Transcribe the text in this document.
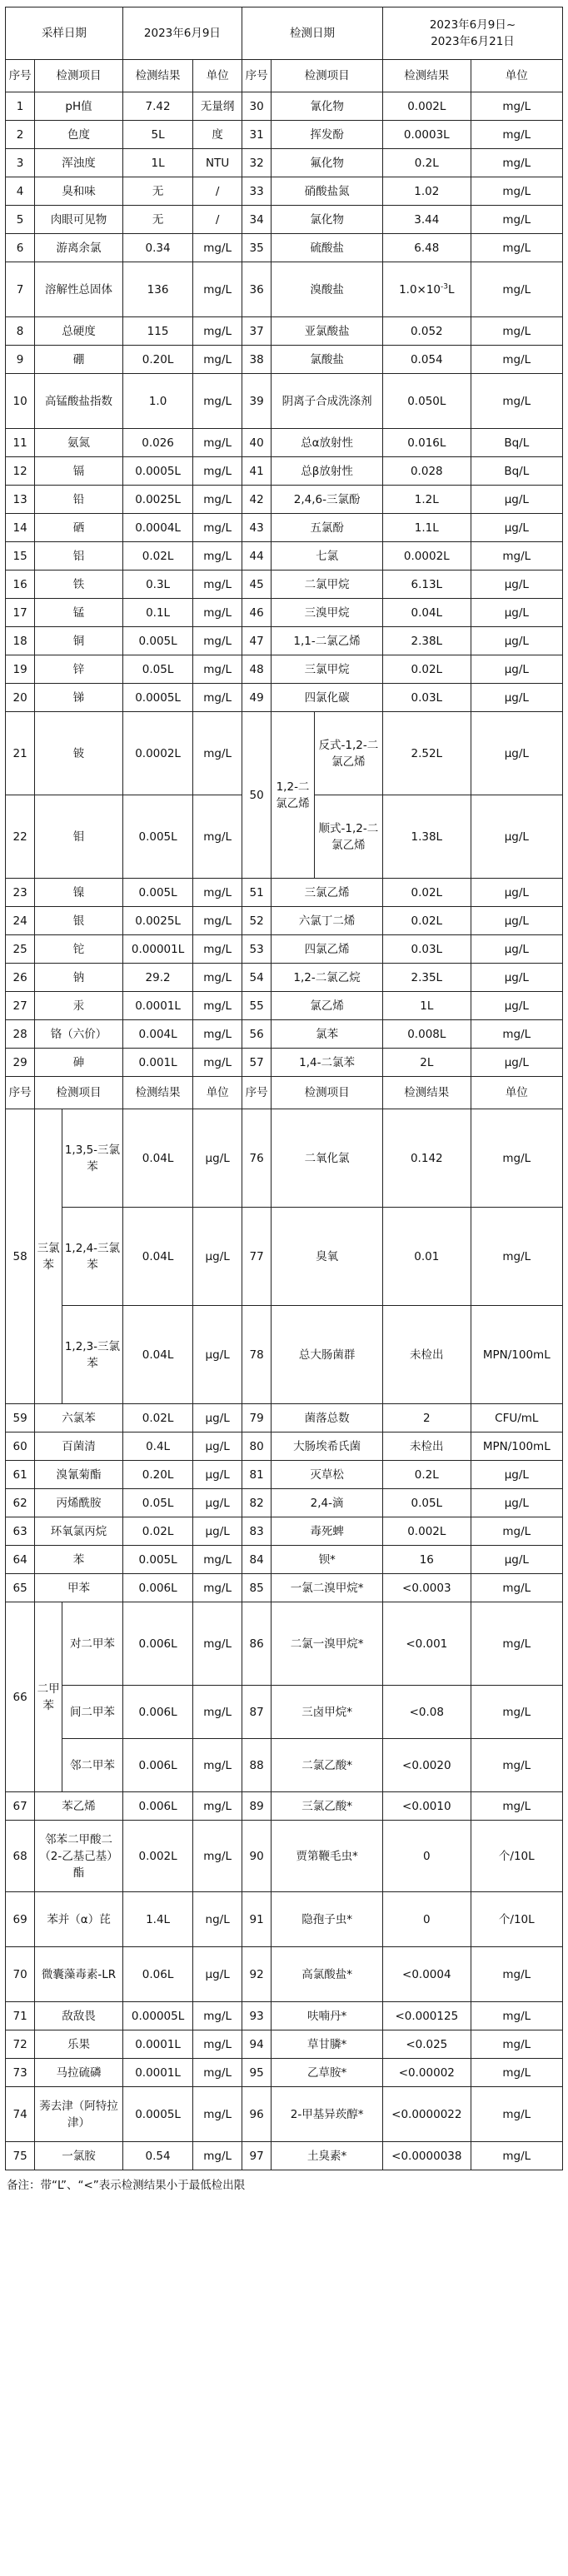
采样日期			2023年6月9日		检测日期			2023年6月9日~
2023年6月21日	

序号	检测项目		检测结果	单位	序号	检测项目		检测结果	单位
1	pH值		7.42	无量纲	30	氰化物		0.002L	mg/L
2	色度		5L	度	31	挥发酚		0.0003L	mg/L
3	浑浊度		1L	NTU	32	氟化物		0.2L	mg/L
4	臭和味		无	/	33	硝酸盐氮		1.02	mg/L
5	肉眼可见物		无	/	34	氯化物		3.44	mg/L
6	游离余氯		0.34	mg/L	35	硫酸盐		6.48	mg/L
7	溶解性总固体		136	mg/L	36	溴酸盐		$1.0\times 10^{-3}L$	mg/L
8	总硬度		115	mg/L	37	亚氯酸盐		0.052	mg/L
9	硼		0.20L	mg/L	38	氯酸盐		0.054	mg/L
10	高锰酸盐指数		1.0	mg/L	39	阴离子合成洗涤剂		0.050L	mg/L
11	氨氮		0.026	mg/L	40	总α放射性		0.016L	Bq/L
12	镉		0.0005L	mg/L	41	总β放射性		0.028	Bq/L
13	铅		0.0025L	mg/L	42	2,4,6-三氯酚		1.2L	μg/L
14	硒		0.0004L	mg/L	43	五氯酚		1.1L	μg/L
15	铝		0.02L	mg/L	44	七氯		0.0002L	mg/L
16	铁		0.3L	mg/L	45	二氯甲烷		6.13L	μg/L
17	锰		0.1L	mg/L	46	三溴甲烷		0.04L	μg/L
18	铜		0.005L	mg/L	47	1,1-二氯乙烯		2.38L	μg/L
19	锌		0.05L	mg/L	48	三氯甲烷		0.02L	μg/L
20	锑		0.0005L	mg/L	49	四氯化碳		0.03L	μg/L
21	铍		0.0002L	mg/L	50	1,2-二氯乙烯	反式-1,2-二氯乙烯	2.52L	μg/L
22	钼		0.005L	mg/L			顺式-1,2-二氯乙烯	1.38L	μg/L
23	镍		0.005L	mg/L	51	三氯乙烯		0.02L	μg/L
24	银		0.0025L	mg/L	52	六氯丁二烯		0.02L	μg/L
25	铊		0.00001L	mg/L	53	四氯乙烯		0.03L	μg/L
26	钠		29.2	mg/L	54	1,2-二氯乙烷		2.35L	μg/L
27	汞		0.0001L	mg/L	55	氯乙烯		1L	μg/L
28	铬（六价）		0.004L	mg/L	56	氯苯		0.008L	mg/L
29	砷		0.001L	mg/L	57	1,4-二氯苯		2L	μg/L
序号	检测项目		检测结果	单位	序号	检测项目		检测结果	单位
58	三氯苯	1,3,5-三氯苯	0.04L	μg/L	76	二氧化氯		0.142	mg/L
		1,2,4-三氯苯	0.04L	μg/L	77	臭氧		0.01	mg/L
		1,2,3-三氯苯	0.04L	μg/L	78	总大肠菌群		未检出	MPN/100mL
59	六氯苯		0.02L	μg/L	79	菌落总数		2	CFU/mL
60	百菌清		0.4L	μg/L	80	大肠埃希氏菌		未检出	MPN/100mL
61	溴氰菊酯		0.20L	μg/L	81	灭草松		0.2L	μg/L
62	丙烯酰胺		0.05L	μg/L	82	2,4-滴		0.05L	μg/L
63	环氧氯丙烷		0.02L	μg/L	83	毒死蜱		0.002L	mg/L
64	苯		0.005L	mg/L	84	钡*		16	μg/L
65	甲苯		0.006L	mg/L	85	一氯二溴甲烷*		<0.0003	mg/L
66	二甲苯	对二甲苯	0.006L	mg/L	86	二氯一溴甲烷*		<0.001	mg/L
		间二甲苯	0.006L	mg/L	87	三卤甲烷*		<0.08	mg/L
		邻二甲苯	0.006L	mg/L	88	二氯乙酸*		<0.0020	mg/L
67	苯乙烯		0.006L	mg/L	89	三氯乙酸*		<0.0010	mg/L
68	邻苯二甲酸二（2-乙基己基）酯		0.002L	mg/L	90	贾第鞭毛虫*		0	个/10L
69	苯并（α）芘		1.4L	ng/L	91	隐孢子虫*		0	个/10L
70	微囊藻毒素-LR		0.06L	μg/L	92	高氯酸盐*		<0.0004	mg/L
71	敌敌畏		0.00005L	mg/L	93	呋喃丹*		<0.000125	mg/L
72	乐果		0.0001L	mg/L	94	草甘膦*		<0.025	mg/L
73	马拉硫磷		0.0001L	mg/L	95	乙草胺*		<0.00002	mg/L
74	莠去津（阿特拉津）		0.0005L	mg/L	96	2-甲基异莰醇*		<0.0000022	mg/L
75	一氯胺		0.54	mg/L	97	土臭素*		<0.0000038	mg/L
备注：带“L”、“<”表示检测结果小于最低检出限
